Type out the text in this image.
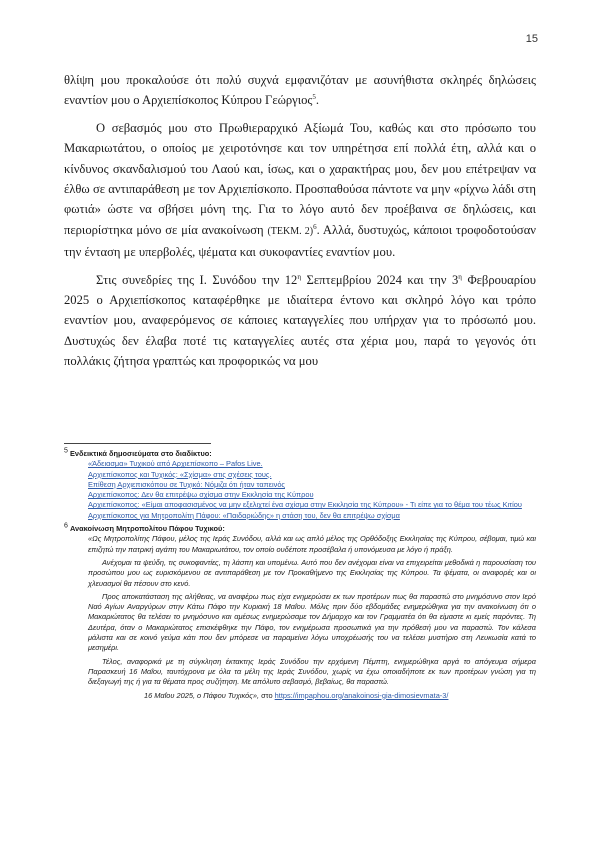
15

θλίψη μου προκαλούσε ότι πολύ συχνά εμφανιζόταν με ασυνήθιστα σκληρές δηλώσεις εναντίον μου ο Αρχιεπίσκοπος Κύπρου Γεώργιος$^5$.

Ο σεβασμός μου στο Πρωθιεραρχικό Αξίωμά Του, καθώς και στο πρόσωπο του Μακαριωτάτου, ο οποίος με χειροτόνησε και τον υπηρέτησα επί πολλά έτη, αλλά και ο κίνδυνος σκανδαλισμού του Λαού και, ίσως, και ο χαρακτήρας μου, δεν μου επέτρεψαν να έλθω σε αντιπαράθεση με τον Αρχιεπίσκοπο. Προσπαθούσα πάντοτε να μην «ρίχνω λάδι στη φωτιά» ώστε να σβήσει μόνη της. Για το λόγο αυτό δεν προέβαινα σε δηλώσεις, και περιορίστηκα μόνο σε μία ανακοίνωση (ΤΕΚΜ. 2)$^6$. Αλλά, δυστυχώς, κάποιοι τροφοδοτούσαν την ένταση με υπερβολές, ψέματα και συκοφαντίες εναντίον μου.

Στις συνεδρίες της Ι. Συνόδου την $12^\eta$ Σεπτεμβρίου 2024 και την $3^\eta$ Φεβρουαρίου 2025 ο Αρχιεπίσκοπος καταφέρθηκε με ιδιαίτερα έντονο και σκληρό λόγο και τρόπο εναντίον μου, αναφερόμενος σε κάποιες καταγγελίες που υπήρχαν για το πρόσωπό μου. Δυστυχώς δεν έλαβα ποτέ τις καταγγελίες αυτές στα χέρια μου, παρά το γεγονός ότι πολλάκις ζήτησα γραπτώς και προφορικώς να μου

$^5$ Ενδεικτικά δημοσιεύματα στο διαδίκτυο:

«Άδειασμα» Τυχικού από Αρχιεπίσκοπο – Pafos Live.
Αρχιεπίσκοπος και Τυχικός: «Σχίσμα» στις σχέσεις τους.
Επίθεση Αρχιεπισκόπου σε Τυχικό: Νόμιζα ότι ήταν ταπεινός
Αρχιεπίσκοπος: Δεν θα επιτρέψω σχίσμα στην Εκκλησία της Κύπρου
Αρχιεπίσκοπος: «Είμαι αποφασισμένος να μην εξελιχτεί ένα σχίσμα στην Εκκλησία της Κύπρου» - Τι είπε για το θέμα του τέως Κιτίου
Αρχιεπίσκοπος για Μητροπολίτη Πάφου: «Παιδαριώδης» η στάση του, δεν θα επιτρέψω σχίσμα

$^6$ Ανακοίνωση Μητροπολίτου Πάφου Τυχικού:

«Ως Μητροπολίτης Πάφου, μέλος της Ιεράς Συνόδου, αλλά και ως απλό μέλος της Ορθόδοξης Εκκλησίας της Κύπρου, σέβομαι, τιμώ και επιζητώ την πατρική αγάπη του Μακαριωτάτου, τον οποίο ουδέποτε προσέβαλα ή υπονόμευσα με λόγο ή πράξη.

Ανέχομαι τα ψεύδη, τις συκοφαντίες, τη λάσπη και υπομένω. Αυτό που δεν ανέχομαι είναι να επιχειρείται μεθοδικά η παρουσίαση του προσώπου μου ως ευρισκόμενου σε αντιπαράθεση με τον Προκαθήμενο της Εκκλησίας της Κύπρου. Τα ψέματα, οι αναφορές και οι χλευασμοί θα πέσουν στο κενό.

Προς αποκατάσταση της αλήθειας, να αναφέρω πως είχα ενημερώσει εκ των προτέρων πως θα παραστώ στο μνημόσυνο στον Ιερό Ναό Αγίων Αναργύρων στην Κάτω Πάφο την Κυριακή 18 Μαΐου. Μόλις πριν δύο εβδομάδες ενημερώθηκα για την ανακοίνωση ότι ο Μακαριώτατος θα τελέσει το μνημόσυνο και αμέσως ενημερώσαμε τον Δήμαρχο και τον Γραμματέα ότι θα είμαστε κι εμείς παρόντες. Τη Δευτέρα, όταν ο Μακαριώτατος επισκέφθηκε την Πάφο, τον ενημέρωσα προσωπικά για την πρόθεσή μου να παραστώ. Τον κάλεσα μάλιστα και σε κοινό γεύμα κάτι που δεν μπόρεσε να παραμείνει λόγω υποχρέωσής του να τελέσει μυστήριο στη Λευκωσία κατά το μεσημέρι.

Τέλος, αναφορικά με τη σύγκληση έκτακτης Ιεράς Συνόδου την ερχόμενη Πέμπτη, ενημερώθηκα αργά το απόγευμα σήμερα Παρασκευή 16 Μαΐου, ταυτόχρονα με όλα τα μέλη της Ιεράς Συνόδου, χωρίς να έχω οποιαδήποτε εκ των προτέρων γνώση για τη διεξαγωγή της ή για τα θέματα προς συζήτηση. Με απόλυτο σεβασμό, βεβαίως, θα παραστώ.

16 Μαΐου 2025, ο Πάφου Τυχικός», στο https://impaphou.org/anakoinosi-gia-dimosievmata-3/
